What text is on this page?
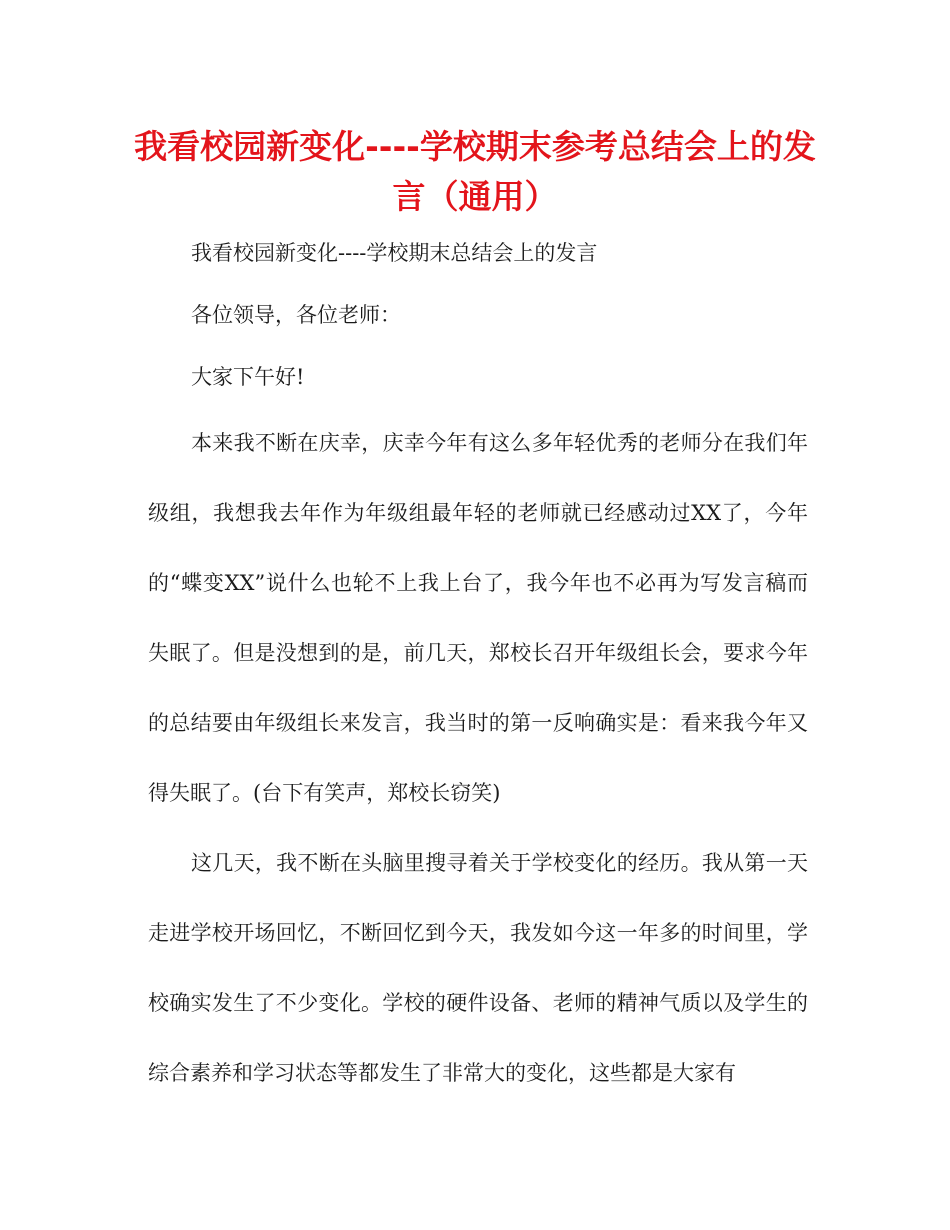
我看校园新变化----学校期末参考总结会上的发言（通用）

我看校园新变化----学校期末总结会上的发言

各位领导，各位老师：

大家下午好!

本来我不断在庆幸，庆幸今年有这么多年轻优秀的老师分在我们年级组，我想我去年作为年级组最年轻的老师就已经感动过XX了，今年的“蝶变XX”说什么也轮不上我上台了，我今年也不必再为写发言稿而失眠了。但是没想到的是，前几天，郑校长召开年级组长会，要求今年的总结要由年级组长来发言，我当时的第一反响确实是：看来我今年又得失眠了。(台下有笑声，郑校长窃笑)

这几天，我不断在头脑里搜寻着关于学校变化的经历。我从第一天走进学校开场回忆，不断回忆到今天，我发如今这一年多的时间里，学校确实发生了不少变化。学校的硬件设备、老师的精神气质以及学生的综合素养和学习状态等都发生了非常大的变化，这些都是大家有
